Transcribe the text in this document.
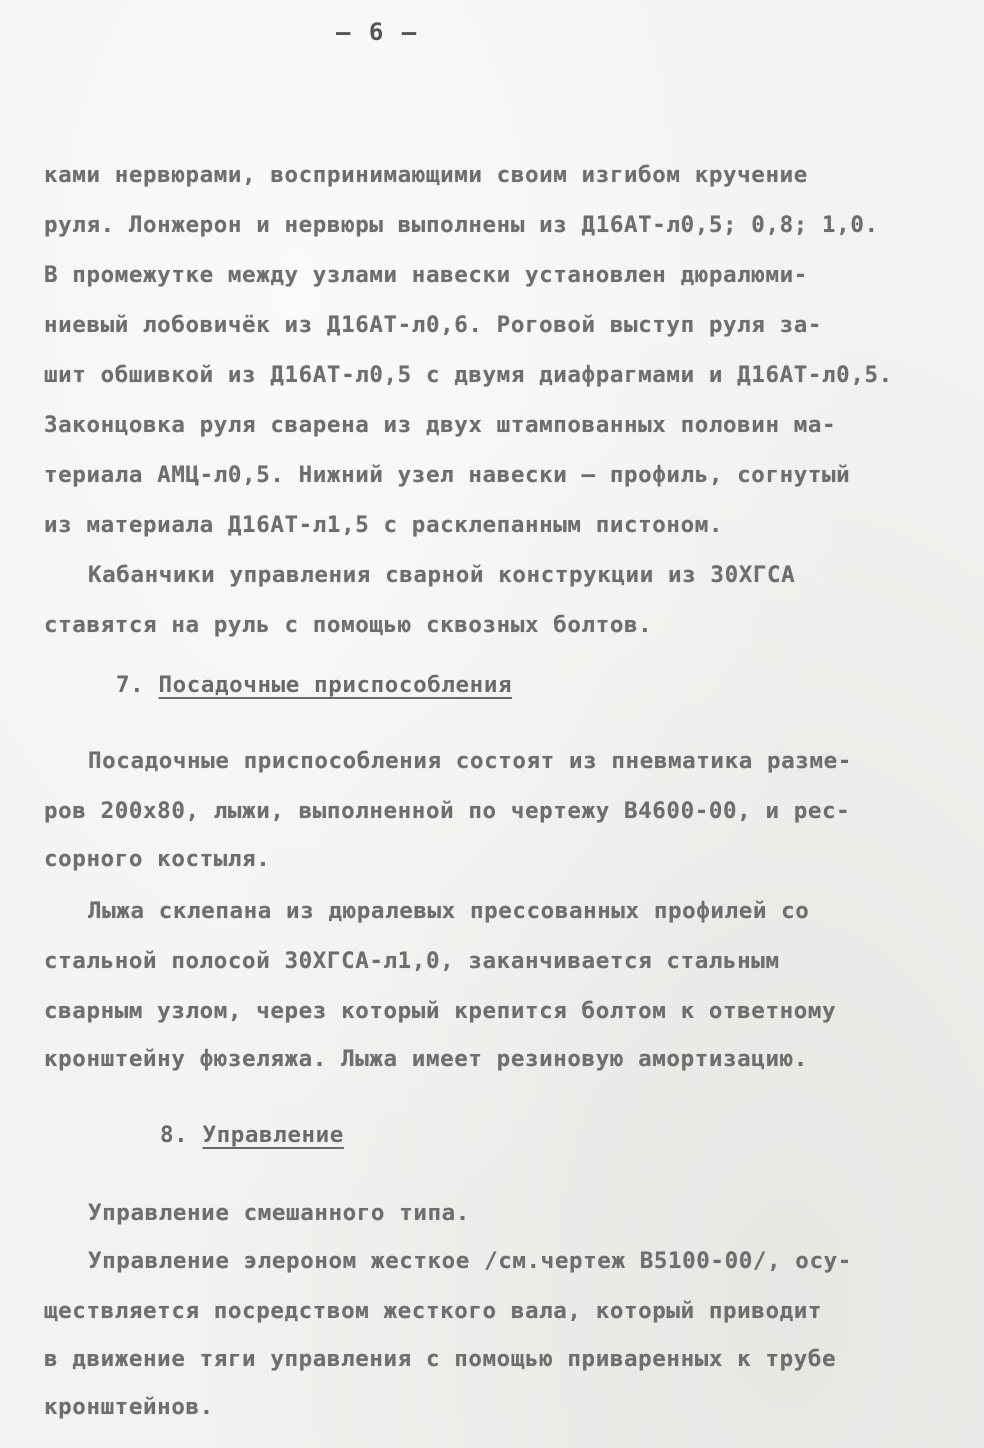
– 6 –
ками нервюрами, воспринимающими своим изгибом кручение
руля. Лонжерон и нервюры выполнены из Д16АТ-л0,5; 0,8; 1,0.
В промежутке между узлами навески установлен дюралюми-
ниевый лобовичёк из Д16АТ-л0,6. Роговой выступ руля за-
шит обшивкой из Д16АТ-л0,5 с двумя диафрагмами и Д16АТ-л0,5.
Законцовка руля сварена из двух штампованных половин ма-
териала АМЦ-л0,5. Нижний узел навески – профиль, согнутый
из материала Д16АТ-л1,5 с расклепанным пистоном.
Кабанчики управления сварной конструкции из 30ХГСА
ставятся на руль с помощью сквозных болтов.
7. Посадочные приспособления
Посадочные приспособления состоят из пневматика разме-
ров 200х80, лыжи, выполненной по чертежу В4600-00, и рес-
сорного костыля.
Лыжа склепана из дюралевых прессованных профилей со
стальной полосой 30ХГСА-л1,0, заканчивается стальным
сварным узлом, через который крепится болтом к ответному
кронштейну фюзеляжа. Лыжа имеет резиновую амортизацию.
8. Управление
Управление смешанного типа.
Управление элероном жесткое /см.чертеж В5100-00/, осу-
ществляется посредством жесткого вала, который приводит
в движение тяги управления с помощью приваренных к трубе
кронштейнов.
